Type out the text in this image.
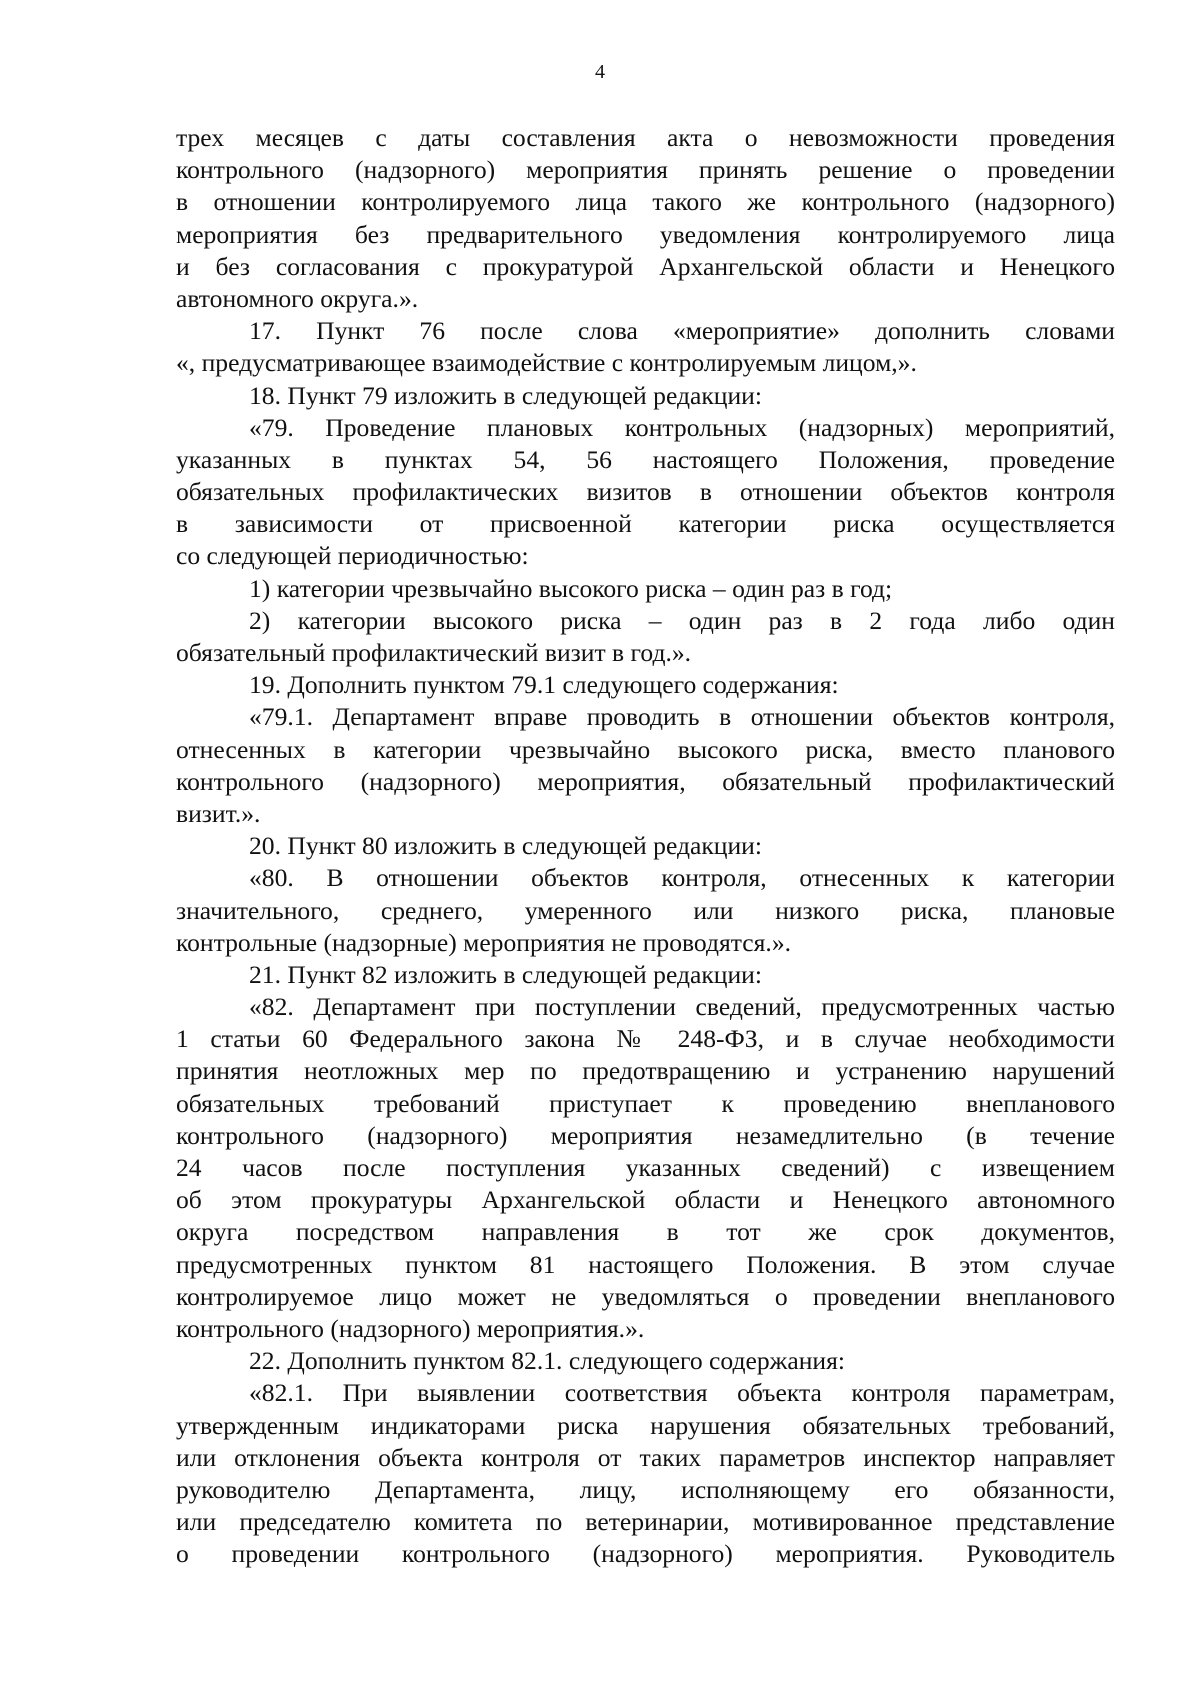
4
трех месяцев с даты составления акта о невозможности проведения
контрольного (надзорного) мероприятия принять решение о проведении
в отношении контролируемого лица такого же контрольного (надзорного)
мероприятия без предварительного уведомления контролируемого лица
и без согласования с прокуратурой Архангельской области и Ненецкого
автономного округа.».
17. Пункт 76 после слова «мероприятие» дополнить словами
«, предусматривающее взаимодействие с контролируемым лицом,».
18. Пункт 79 изложить в следующей редакции:
«79. Проведение плановых контрольных (надзорных) мероприятий,
указанных в пунктах 54, 56 настоящего Положения, проведение
обязательных профилактических визитов в отношении объектов контроля
в зависимости от присвоенной категории риска осуществляется
со следующей периодичностью:
1) категории чрезвычайно высокого риска – один раз в год;
2) категории высокого риска – один раз в 2 года либо один
обязательный профилактический визит в год.».
19. Дополнить пунктом 79.1 следующего содержания:
«79.1. Департамент вправе проводить в отношении объектов контроля,
отнесенных в категории чрезвычайно высокого риска, вместо планового
контрольного (надзорного) мероприятия, обязательный профилактический
визит.».
20. Пункт 80 изложить в следующей редакции:
«80. В отношении объектов контроля, отнесенных к категории
значительного, среднего, умеренного или низкого риска, плановые
контрольные (надзорные) мероприятия не проводятся.».
21. Пункт 82 изложить в следующей редакции:
«82. Департамент при поступлении сведений, предусмотренных частью
1 статьи 60 Федерального закона № 248-ФЗ, и в случае необходимости
принятия неотложных мер по предотвращению и устранению нарушений
обязательных требований приступает к проведению внепланового
контрольного (надзорного) мероприятия незамедлительно (в течение
24 часов после поступления указанных сведений) с извещением
об этом прокуратуры Архангельской области и Ненецкого автономного
округа посредством направления в тот же срок документов,
предусмотренных пунктом 81 настоящего Положения. В этом случае
контролируемое лицо может не уведомляться о проведении внепланового
контрольного (надзорного) мероприятия.».
22. Дополнить пунктом 82.1. следующего содержания:
«82.1. При выявлении соответствия объекта контроля параметрам,
утвержденным индикаторами риска нарушения обязательных требований,
или отклонения объекта контроля от таких параметров инспектор направляет
руководителю Департамента, лицу, исполняющему его обязанности,
или председателю комитета по ветеринарии, мотивированное представление
о проведении контрольного (надзорного) мероприятия. Руководитель
